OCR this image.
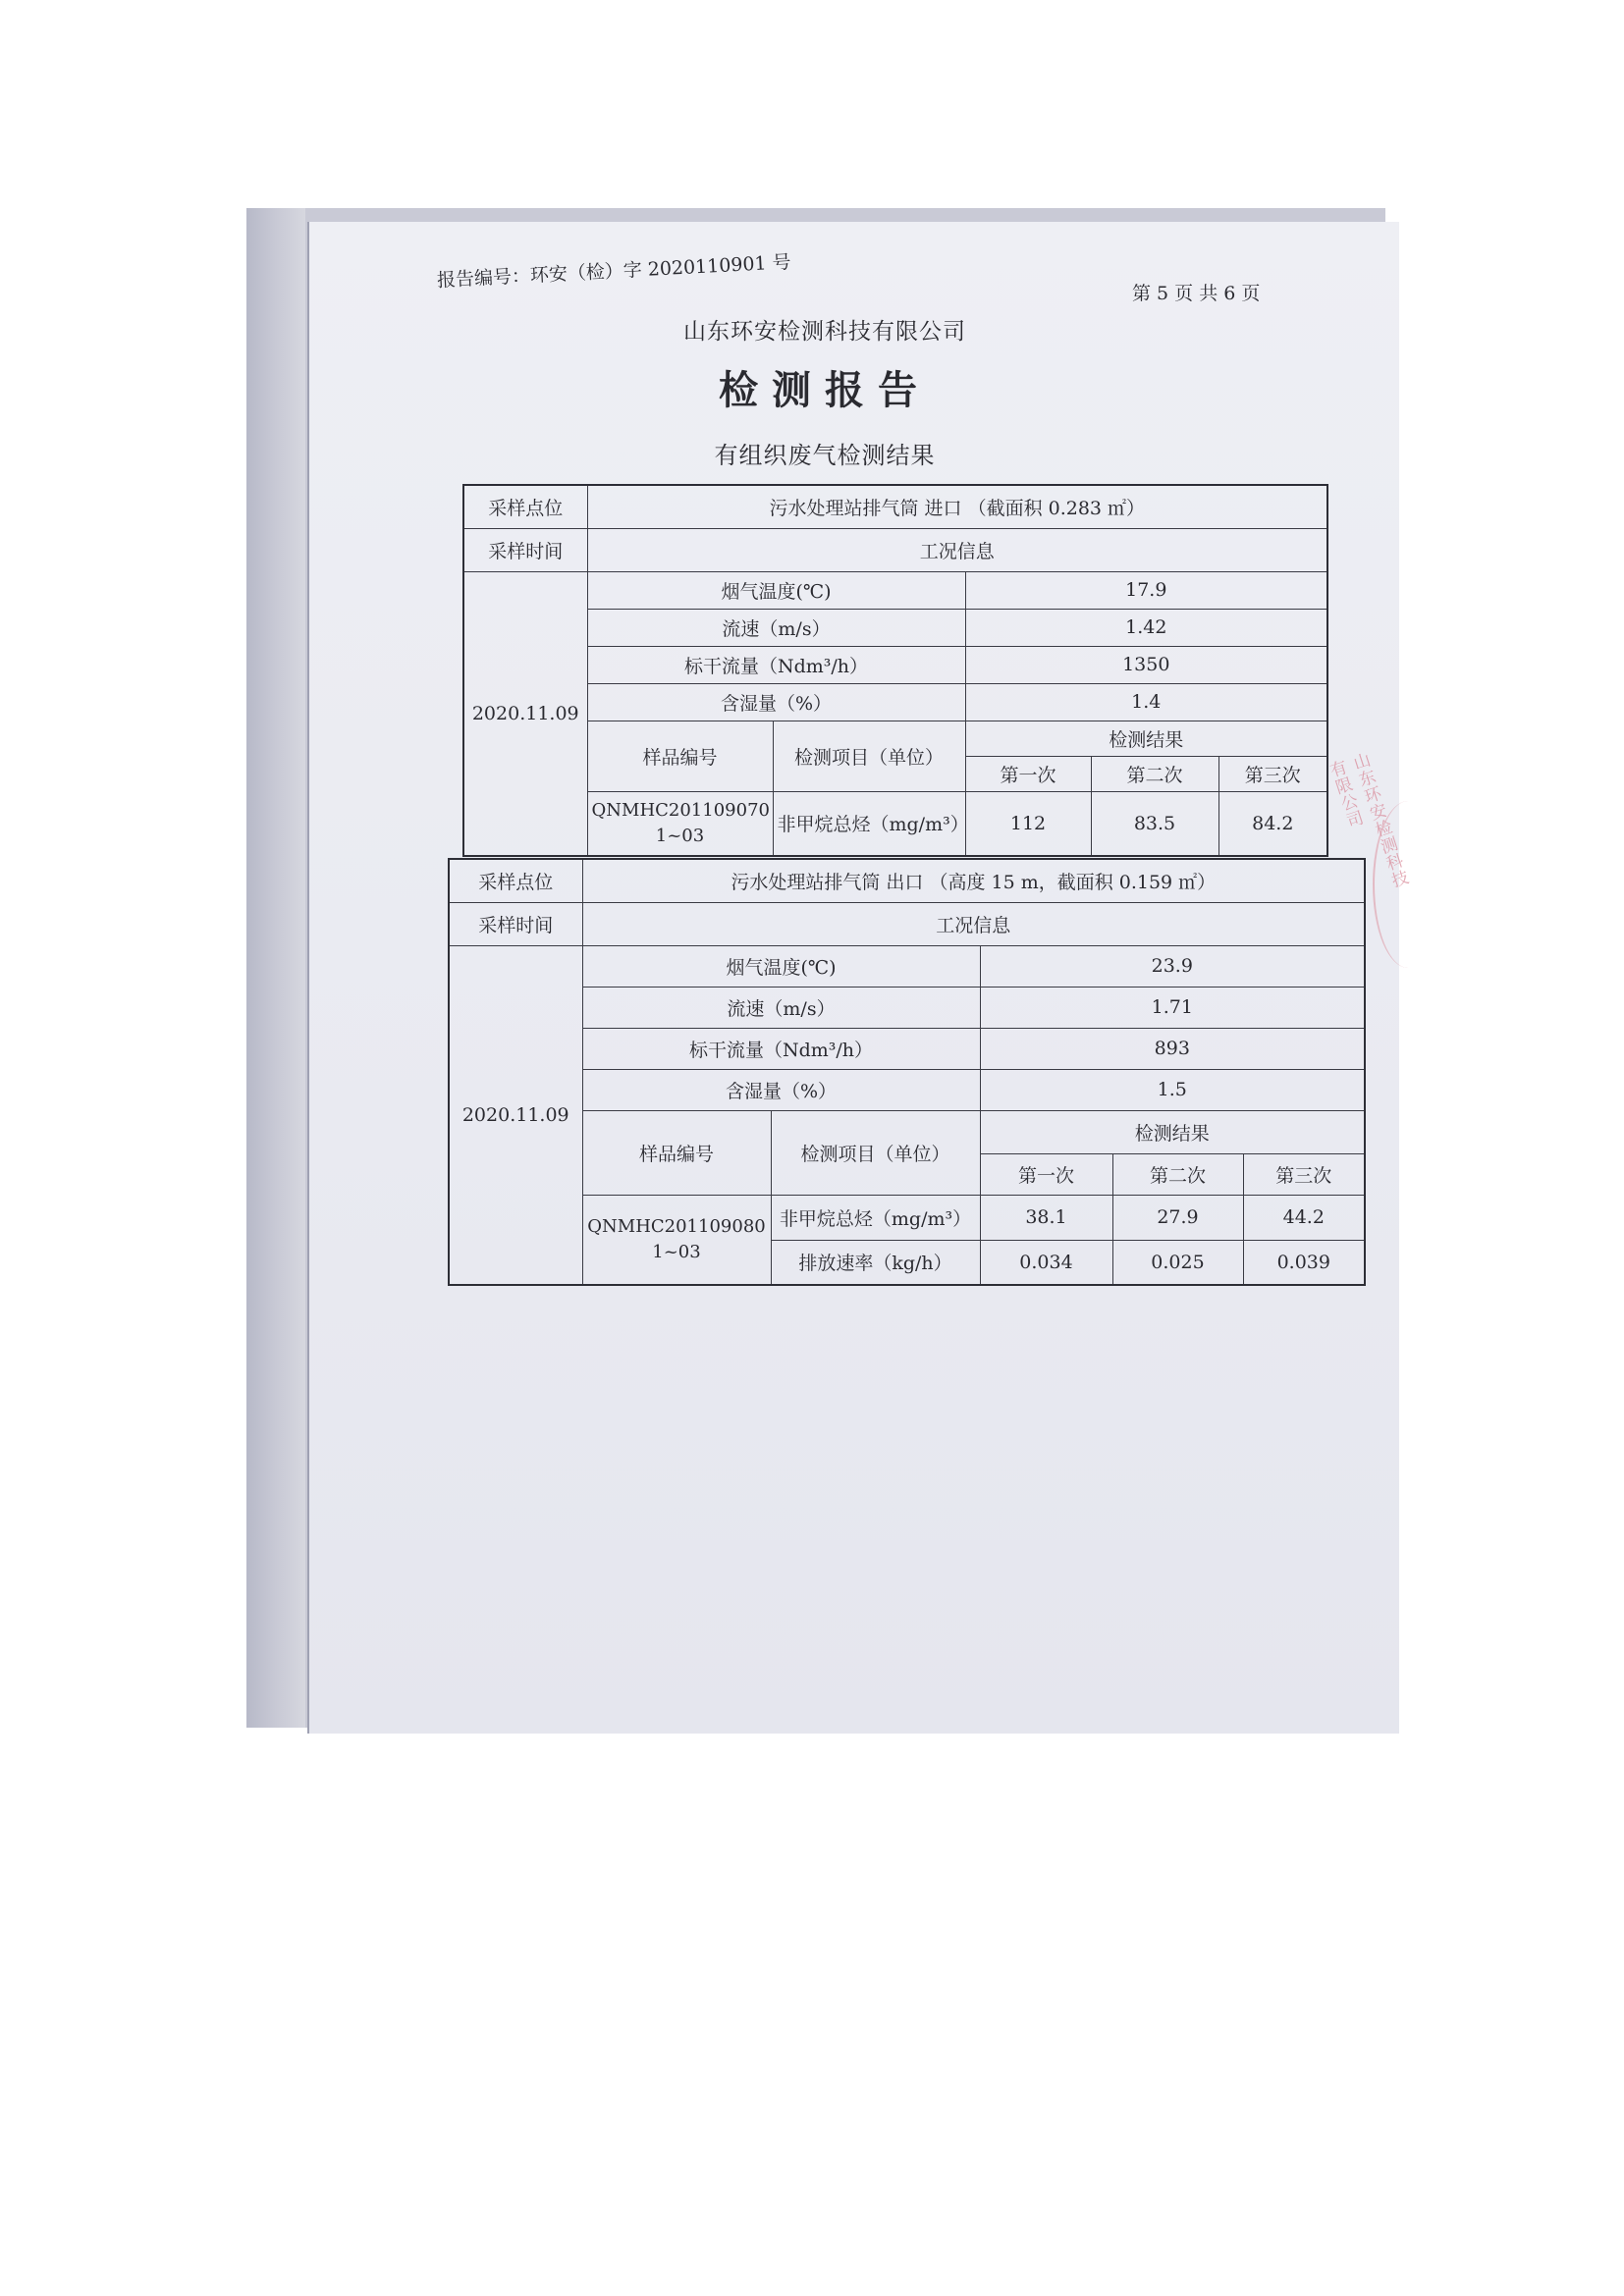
报告编号：环安（检）字 2020110901 号
第 5 页 共 6 页
山东环安检测科技有限公司
检测报告
有组织废气检测结果
采样点位	污水处理站排气筒 进口 （截面积 0.283 ㎡）				
采样时间	工况信息				
2020.11.09	烟气温度(℃)		17.9		
	流速（m/s）		1.42		
	标干流量（Ndm³/h）		1350		
	含湿量（%）		1.4		
	样品编号	检测项目（单位）	检测结果		
			第一次	第二次	第三次
	QNMHC201109070 1~03	非甲烷总烃（mg/m³）	112	83.5	84.2
采样点位	污水处理站排气筒 出口 （高度 15 m，截面积 0.159 ㎡）				
采样时间	工况信息				
2020.11.09	烟气温度(℃)		23.9		
	流速（m/s）		1.71		
	标干流量（Ndm³/h）		893		
	含湿量（%）		1.5		
	样品编号	检测项目（单位）	检测结果		
			第一次	第二次	第三次
	QNMHC201109080 1~03	非甲烷总烃（mg/m³）	38.1	27.9	44.2
		排放速率（kg/h）	0.034	0.025	0.039
山东环安检测科技有限公司
